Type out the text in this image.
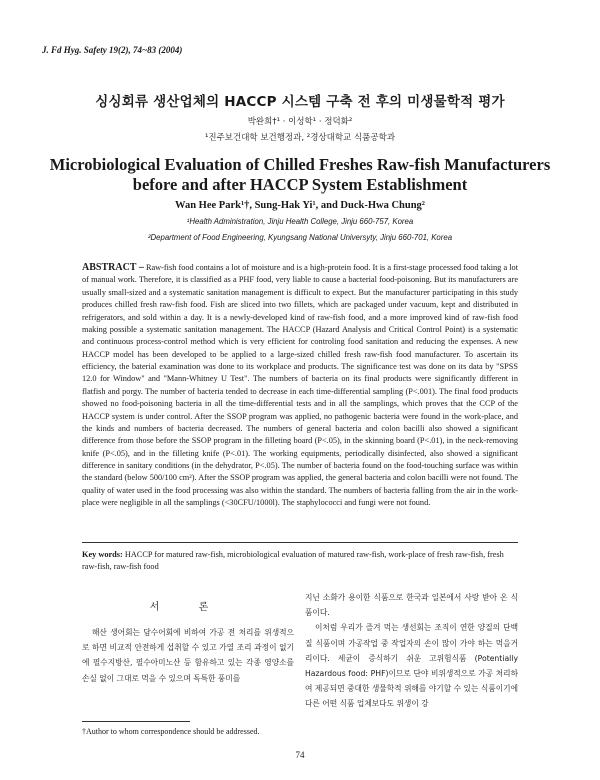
J. Fd Hyg. Safety 19(2), 74~83 (2004)
싱싱회류 생산업체의 HACCP 시스템 구축 전 후의 미생물학적 평가
박완희†¹ · 이성학¹ · 정덕화²
¹진주보건대학 보건행정과, ²경상대학교 식품공학과
Microbiological Evaluation of Chilled Freshes Raw-fish Manufacturers before and after HACCP System Establishment
Wan Hee Park¹†, Sung-Hak Yi¹, and Duck-Hwa Chung²
¹Health Administration, Jinju Health College, Jinju 660-757, Korea
²Department of Food Engineering, Kyungsang National Universyty, Jinju 660-701, Korea
ABSTRACT – Raw-fish food contains a lot of moisture and is a high-protein food. It is a first-stage processed food taking a lot of manual work. Therefore, it is classified as a PHF food, very liable to cause a bacterial food-poisoning. But its manufacturers are usually small-sized and a systematic sanitation management is difficult to expect. But the manufacturer participating in this study produces chilled fresh raw-fish food. Fish are sliced into two fillets, which are packaged under vacuum, kept and distributed in refrigerators, and sold within a day. It is a newly-developed kind of raw-fish food, and a more improved kind of raw-fish food making possible a systematic sanitation management. The HACCP (Hazard Analysis and Critical Control Point) is a systematic and continuous process-control method which is very efficient for controling food sanitation and reducing the expenses. A new HACCP model has been developed to be applied to a large-sized chilled fresh raw-fish food manufacturer. To ascertain its efficiency, the baterial examination was done to its workplace and products. The significance test was done on its data by "SPSS 12.0 for Window" and "Mann-Whitney U Test". The numbers of bacteria on its final products were significantly different in flatfish and porgy. The number of bacteria tended to decrease in each time-differential sampling (P<.001). The final food products showed no food-poisoning bacteria in all the time-differential tests and in all the samplings, which proves that the CCP of the HACCP system is under control. After the SSOP program was applied, no pathogenic bacteria were found in the work-place, and the kinds and numbers of bacteria decreased. The numbers of general bacteria and colon bacilli also showed a significant difference from those before the SSOP program in the filleting board (P<.05), in the skinning board (P<.01), in the neck-removing knife (P<.05), and in the filleting knife (P<.01). The working equipments, periodically disinfected, also showed a significant difference in sanitary conditions (in the dehydrator, P<.05). The number of bacteria found on the food-touching surface was within the standard (below 500/100 cm²). After the SSOP program was applied, the general bacteria and colon bacilli were not found. The quality of water used in the food processing was also within the standard. The numbers of bacteria falling from the air in the work-place were negligible in all the samplings (<30CFU/1000l). The staphylococci and fungi were not found.
Key words: HACCP for matured raw-fish, microbiological evaluation of matured raw-fish, work-place of fresh raw-fish, fresh raw-fish, raw-fish food
서 론

해산 생어회는 담수어회에 비하여 가공 전 처리를 위생적으로 하면 비교적 안전하게 섭취할 수 있고 가열 조리 과정이 없기에 필수지방산, 필수아미노산 등 함유하고 있는 각종 영양소를 손실 없이 그대로 먹을 수 있으며 독특한 풍미를

지닌 소화가 용이한 식품으로 한국과 일본에서 사랑 받아 온 식품이다.

이처럼 우리가 즐겨 먹는 생선회는 조직이 연한 양질의 단백질 식품이며 가공작업 중 작업자의 손이 많이 가야 하는 먹을거리이다. 세균이 증식하기 쉬운 고위험식품 (Potentially Hazardous food: PHF)이므로 단야 비위생적으로 가공 처리하여 제공되면 중대한 생물학적 위해를 야기할 수 있는 식품이기에 다른 어떤 식품 업체보다도 위생이 강

†Author to whom correspondence should be addressed.
74
